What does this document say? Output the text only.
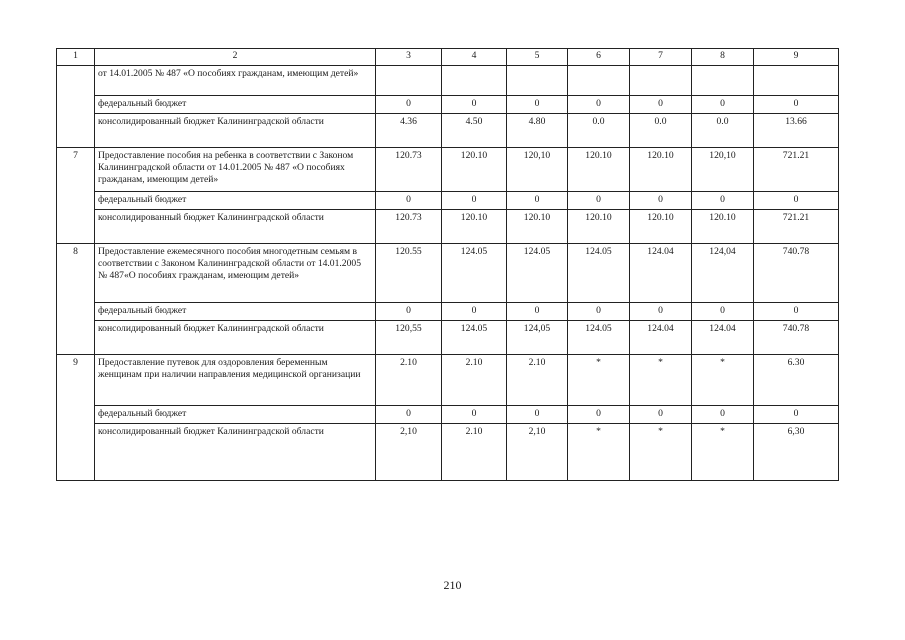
1	2	3	4	5	6	7	8	9
	от 14.01.2005 № 487 «О пособиях гражданам, имеющим детей»							
	федеральный бюджет	0	0	0	0	0	0	0
	консолидированный бюджет Калининградской области	4.36	4.50	4.80	0.0	0.0	0.0	13.66
7	Предоставление пособия на ребенка в соответствии с Законом Калининградской области от 14.01.2005 № 487 «О пособиях гражданам, имеющим детей»	120.73	120.10	120,10	120.10	120.10	120,10	721.21
	федеральный бюджет	0	0	0	0	0	0	0
	консолидированный бюджет Калининградской области	120.73	120.10	120.10	120.10	120.10	120.10	721.21
8	Предоставление ежемесячного пособия многодетным семьям в соответствии с Законом Калининградской области от 14.01.2005 № 487«О пособиях гражданам, имеющим детей»	120.55	124.05	124.05	124.05	124.04	124,04	740.78
	федеральный бюджет	0	0	0	0	0	0	0
	консолидированный бюджет Калининградской области	120,55	124.05	124,05	124.05	124.04	124.04	740.78
9	Предоставление путевок для оздоровления беременным женщинам при наличии направления медицинской организации	2.10	2.10	2.10	*	*	*	6.30
	федеральный бюджет	0	0	0	0	0	0	0
	консолидированный бюджет Калининградской области	2,10	2.10	2,10	*	*	*	6,30
210
